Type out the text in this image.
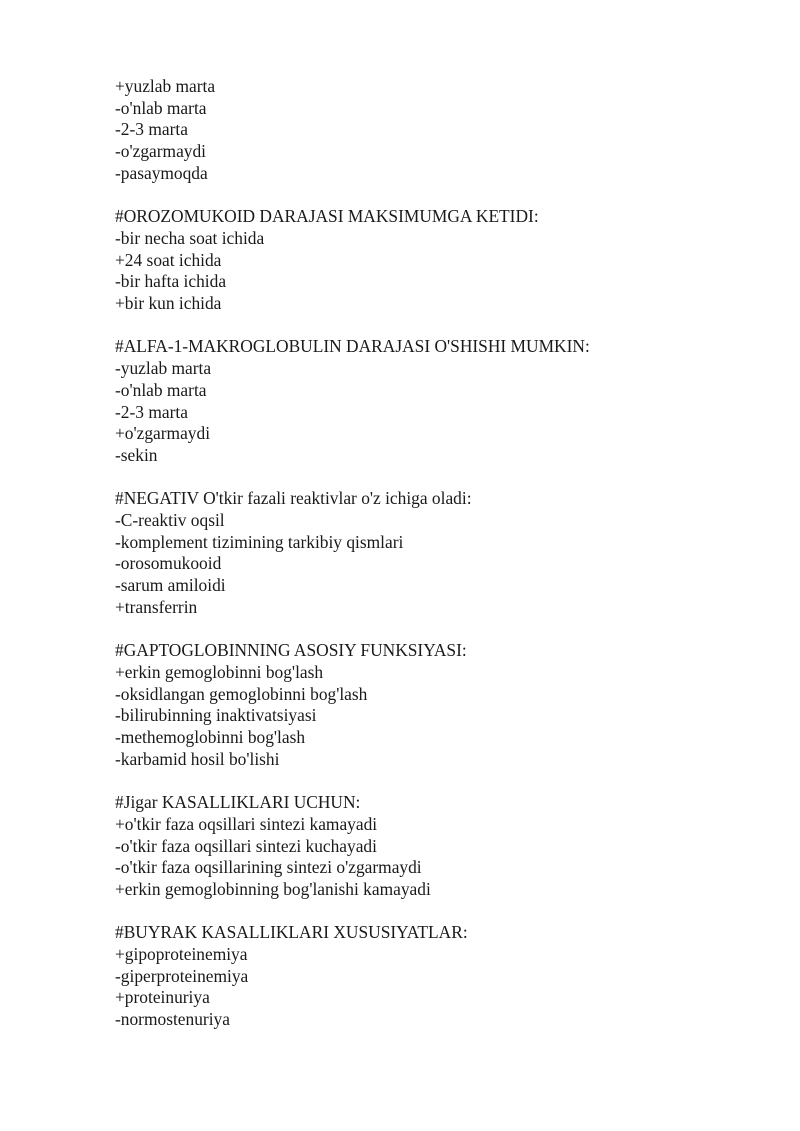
+yuzlab marta
-o'nlab marta
-2-3 marta
-o'zgarmaydi
-pasaymoqda
#OROZOMUKOID DARAJASI MAKSIMUMGA KETIDI:
-bir necha soat ichida
+24 soat ichida
-bir hafta ichida
+bir kun ichida
#ALFA-1-MAKROGLOBULIN DARAJASI O'SHISHI MUMKIN:
-yuzlab marta
-o'nlab marta
-2-3 marta
+o'zgarmaydi
-sekin
#NEGATIV O'tkir fazali reaktivlar o'z ichiga oladi:
-C-reaktiv oqsil
-komplement tizimining tarkibiy qismlari
-orosomukooid
-sarum amiloidi
+transferrin
#GAPTOGLOBINNING ASOSIY FUNKSIYASI:
+erkin gemoglobinni bog'lash
-oksidlangan gemoglobinni bog'lash
-bilirubinning inaktivatsiyasi
-methemoglobinni bog'lash
-karbamid hosil bo'lishi
#Jigar KASALLIKLARI UCHUN:
+o'tkir faza oqsillari sintezi kamayadi
-o'tkir faza oqsillari sintezi kuchayadi
-o'tkir faza oqsillarining sintezi o'zgarmaydi
+erkin gemoglobinning bog'lanishi kamayadi
#BUYRAK KASALLIKLARI XUSUSIYATLAR:
+gipoproteinemiya
-giperproteinemiya
+proteinuriya
-normostenuriya
